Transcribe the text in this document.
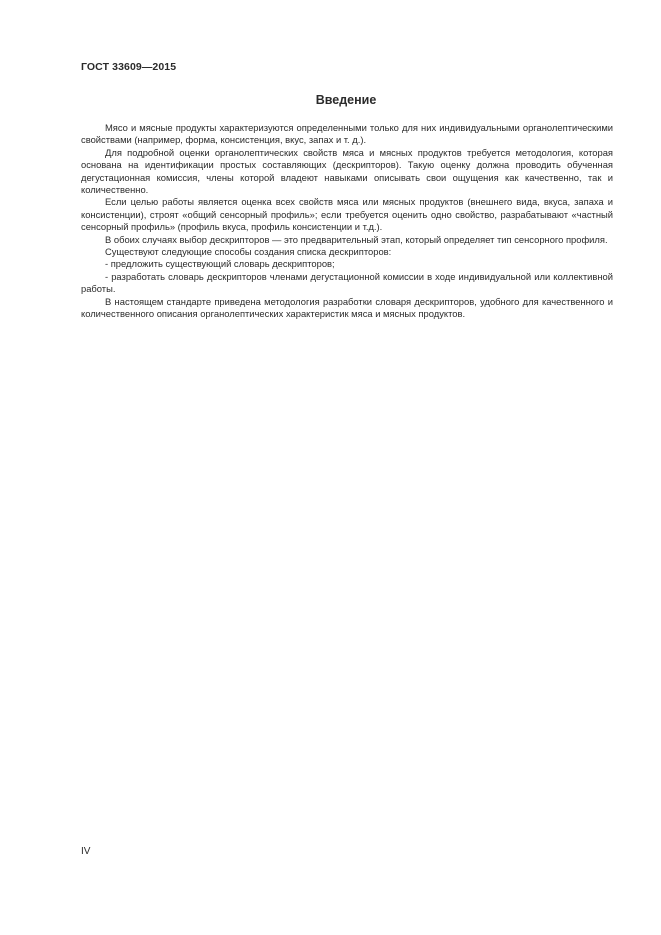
ГОСТ 33609—2015
Введение

Мясо и мясные продукты характеризуются определенными только для них индивидуальными органолептическими свойствами (например, форма, консистенция, вкус, запах и т. д.).

Для подробной оценки органолептических свойств мяса и мясных продуктов требуется методология, которая основана на идентификации простых составляющих (дескрипторов). Такую оценку должна проводить обученная дегустационная комиссия, члены которой владеют навыками описывать свои ощущения как качественно, так и количественно.

Если целью работы является оценка всех свойств мяса или мясных продуктов (внешнего вида, вкуса, запаха и консистенции), строят «общий сенсорный профиль»; если требуется оценить одно свойство, разрабатывают «частный сенсорный профиль» (профиль вкуса, профиль консистенции и т.д.).

В обоих случаях выбор дескрипторов — это предварительный этап, который определяет тип сенсорного профиля.

Существуют следующие способы создания списка дескрипторов:

- предложить существующий словарь дескрипторов;

- разработать словарь дескрипторов членами дегустационной комиссии в ходе индивидуальной или коллективной работы.

В настоящем стандарте приведена методология разработки словаря дескрипторов, удобного для качественного и количественного описания органолептических характеристик мяса и мясных продуктов.

IV
